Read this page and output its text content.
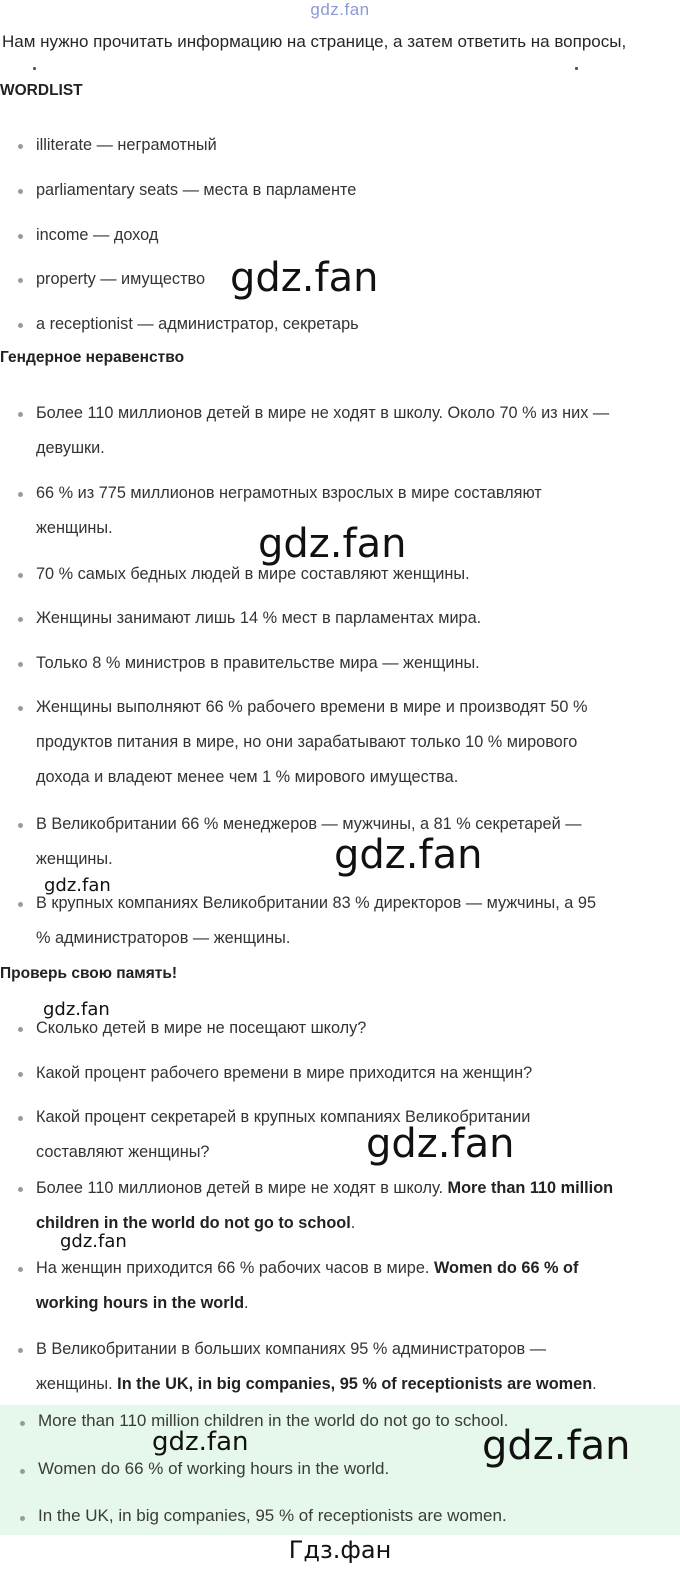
gdz.fan
Нам нужно прочитать информацию на странице, а затем ответить на вопросы,
WORDLIST
illiterate — неграмотный
parliamentary seats — места в парламенте
income — доход
property — имущество
a receptionist — администратор, секретарь
Гендерное неравенство
Более 110 миллионов детей в мире не ходят в школу. Около 70 % из них —
девушки.
66 % из 775 миллионов неграмотных взрослых в мире составляют
женщины.
70 % самых бедных людей в мире составляют женщины.
Женщины занимают лишь 14 % мест в парламентах мира.
Только 8 % министров в правительстве мира — женщины.
Женщины выполняют 66 % рабочего времени в мире и производят 50 %
продуктов питания в мире, но они зарабатывают только 10 % мирового
дохода и владеют менее чем 1 % мирового имущества.
В Великобритании 66 % менеджеров — мужчины, а 81 % секретарей —
женщины.
В крупных компаниях Великобритании 83 % директоров — мужчины, а 95
% администраторов — женщины.
Проверь свою память!
Сколько детей в мире не посещают школу?
Какой процент рабочего времени в мире приходится на женщин?
Какой процент секретарей в крупных компаниях Великобритании
составляют женщины?
Более 110 миллионов детей в мире не ходят в школу. More than 110 million
children in the world do not go to school.
На женщин приходится 66 % рабочих часов в мире. Women do 66 % of
working hours in the world.
В Великобритании в больших компаниях 95 % администраторов —
женщины. In the UK, in big companies, 95 % of receptionists are women.
More than 110 million children in the world do not go to school.
Women do 66 % of working hours in the world.
In the UK, in big companies, 95 % of receptionists are women.
gdz.fan
gdz.fan
gdz.fan
gdz.fan
gdz.fan
gdz.fan
gdz.fan
gdz.fan	gdz.fan
Гдз.фан
